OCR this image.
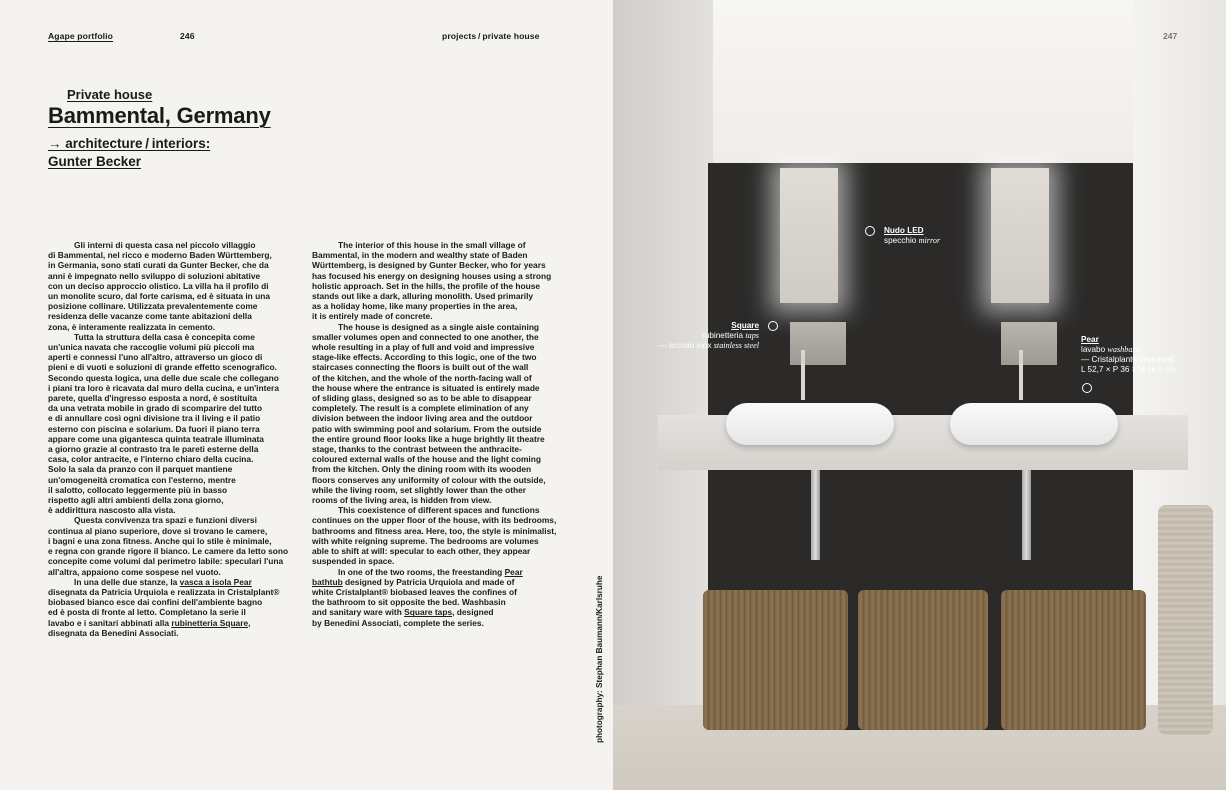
Agape portfolio	246	projects / private house
Private house
Bammental, Germany
→ architecture / interiors:
Gunter Becker

Gli interni di questa casa nel piccolo villaggio

di Bammental, nel ricco e moderno Baden Württemberg,

in Germania, sono stati curati da Gunter Becker, che da

anni è impegnato nello sviluppo di soluzioni abitative

con un deciso approccio olistico. La villa ha il profilo di

un monolite scuro, dal forte carisma, ed è situata in una

posizione collinare. Utilizzata prevalentemente come

residenza delle vacanze come tante abitazioni della

zona, è interamente realizzata in cemento.

Tutta la struttura della casa è concepita come

un'unica navata che raccoglie volumi più piccoli ma

aperti e connessi l'uno all'altro, attraverso un gioco di

pieni e di vuoti e soluzioni di grande effetto scenografico.

Secondo questa logica, una delle due scale che collegano

i piani tra loro è ricavata dal muro della cucina, e un'intera

parete, quella d'ingresso esposta a nord, è sostituita

da una vetrata mobile in grado di scomparire del tutto

e di annullare così ogni divisione tra il living e il patio

esterno con piscina e solarium. Da fuori il piano terra

appare come una gigantesca quinta teatrale illuminata

a giorno grazie al contrasto tra le pareti esterne della

casa, color antracite, e l'interno chiaro della cucina.

Solo la sala da pranzo con il parquet mantiene

un'omogeneità cromatica con l'esterno, mentre

il salotto, collocato leggermente più in basso

rispetto agli altri ambienti della zona giorno,

è addirittura nascosto alla vista.

Questa convivenza tra spazi e funzioni diversi

continua al piano superiore, dove si trovano le camere,

i bagni e una zona fitness. Anche qui lo stile è minimale,

e regna con grande rigore il bianco. Le camere da letto sono

concepite come volumi dal perimetro labile: speculari l'una

all'altra, appaiono come sospese nel vuoto.

In una delle due stanze, la vasca a isola Pear

disegnata da Patricia Urquiola e realizzata in Cristalplant®

biobased bianco esce dai confini dell'ambiente bagno

ed è posta di fronte al letto. Completano la serie il

lavabo e i sanitari abbinati alla rubinetteria Square,

disegnata da Benedini Associati.

The interior of this house in the small village of

Bammental, in the modern and wealthy state of Baden

Württemberg, is designed by Gunter Becker, who for years

has focused his energy on designing houses using a strong

holistic approach. Set in the hills, the profile of the house

stands out like a dark, alluring monolith. Used primarily

as a holiday home, like many properties in the area,

it is entirely made of concrete.

The house is designed as a single aisle containing

smaller volumes open and connected to one another, the

whole resulting in a play of full and void and impressive

stage-like effects. According to this logic, one of the two

staircases connecting the floors is built out of the wall

of the kitchen, and the whole of the north-facing wall of

the house where the entrance is situated is entirely made

of sliding glass, designed so as to be able to disappear

completely. The result is a complete elimination of any

division between the indoor living area and the outdoor

patio with swimming pool and solarium. From the outside

the entire ground floor looks like a huge brightly lit theatre

stage, thanks to the contrast between the anthracite-

coloured external walls of the house and the light coming

from the kitchen. Only the dining room with its wooden

floors conserves any uniformity of colour with the outside,

while the living room, set slightly lower than the other

rooms of the living area, is hidden from view.

This coexistence of different spaces and functions

continues on the upper floor of the house, with its bedrooms,

bathrooms and fitness area. Here, too, the style is minimalist,

with white reigning supreme. The bedrooms are volumes

able to shift at will: specular to each other, they appear

suspended in space.

In one of the two rooms, the freestanding Pear

bathtub designed by Patricia Urquiola and made of

white Cristalplant® biobased leaves the confines of

the bathroom to sit opposite the bed. Washbasin

and sanitary ware with Square taps, designed

by Benedini Associati, complete the series.	photography: Stephan Baumann/Karlsruhe
247
Nudo LED
specchio mirror
Square
rubinetteria taps
— acciaio inox stainless steel
Pear
lavabo washbasin
— Cristalplant® biobased
L 52,7 × P 36 × H 16,5 cm
